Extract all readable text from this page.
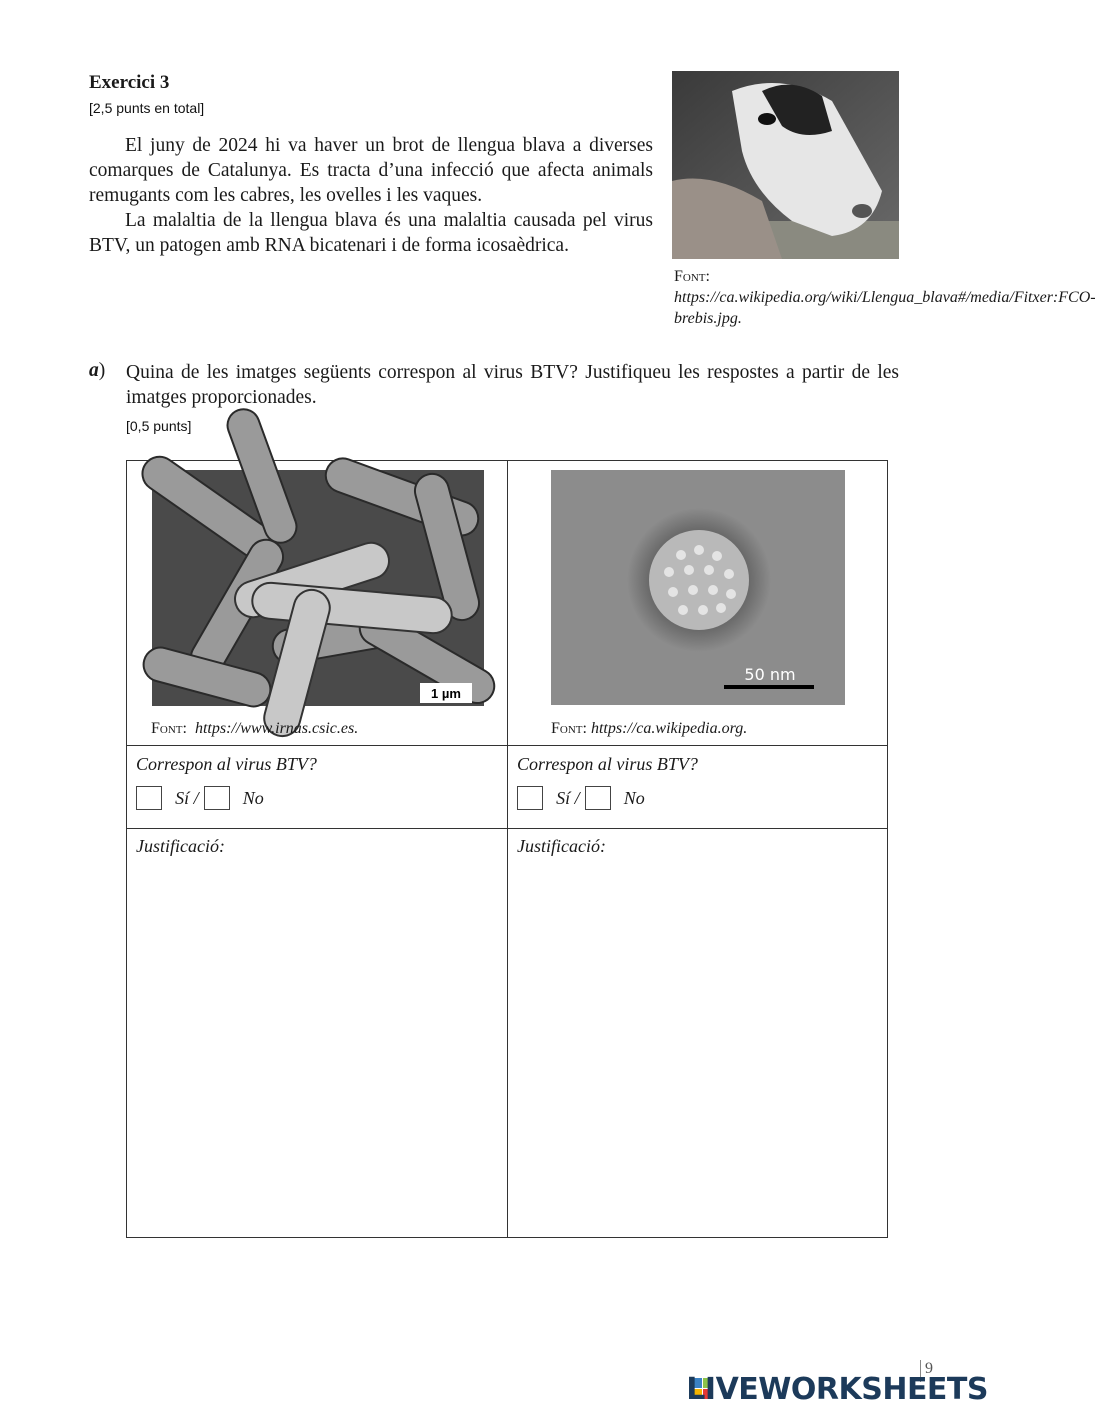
Exercici 3
[2,5 punts en total]

El juny de 2024 hi va haver un brot de llengua blava a diverses comarques de Catalunya. Es tracta d’una infecció que afecta animals remugants com les cabres, les ovelles i les vaques.

La malaltia de la llengua blava és una malaltia causada pel virus BTV, un patogen amb RNA bicatenari i de forma icosaèdrica.

Font: https://ca.wikipedia.org/wiki/Llengua_blava#/media/Fitxer:FCO-brebis.jpg.
a) Quina de les imatges següents correspon al virus BTV? Justifiqueu les respostes a partir de les imatges proporcionades.
[0,5 punts]
1 µm
Font: https://www.irnas.csic.es.
50 nm
Font: https://ca.wikipedia.org.
Correspon al virus BTV?
Sí / No
Correspon al virus BTV?
Sí / No
Justificació:	Justificació:
9
LIVEWORKSHEETS
